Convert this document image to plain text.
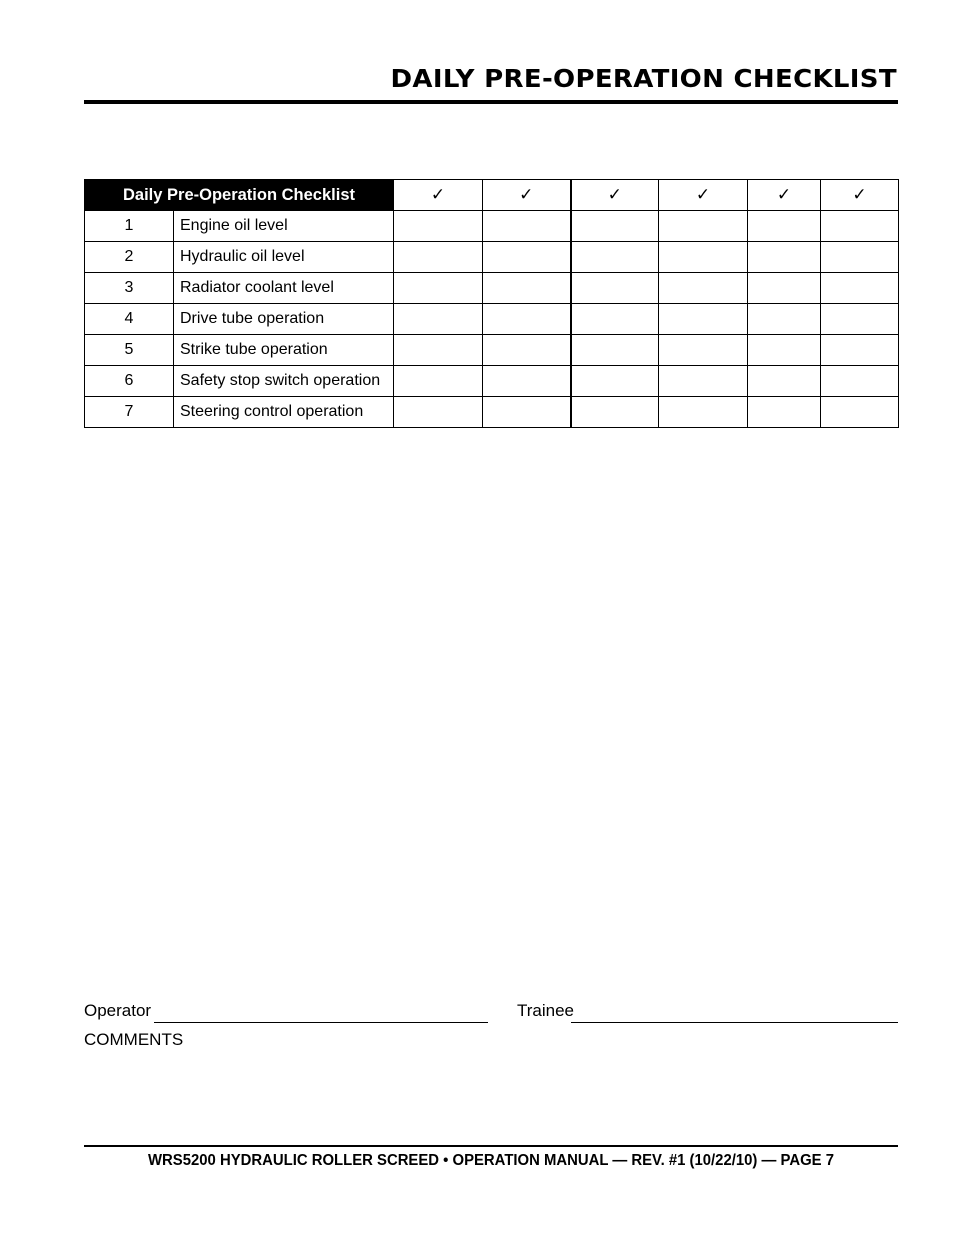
DAILY PRE-OPERATION CHECKLIST
Daily Pre-Operation Checklist		✓	✓	✓	✓	✓	✓
1	Engine oil level						
2	Hydraulic oil level						
3	Radiator coolant level						
4	Drive tube operation						
5	Strike tube operation						
6	Safety stop switch operation						
7	Steering control operation						
Operator	Trainee
COMMENTS
WRS5200 HYDRAULIC ROLLER SCREED • OPERATION MANUAL — REV. #1 (10/22/10) — PAGE 7
